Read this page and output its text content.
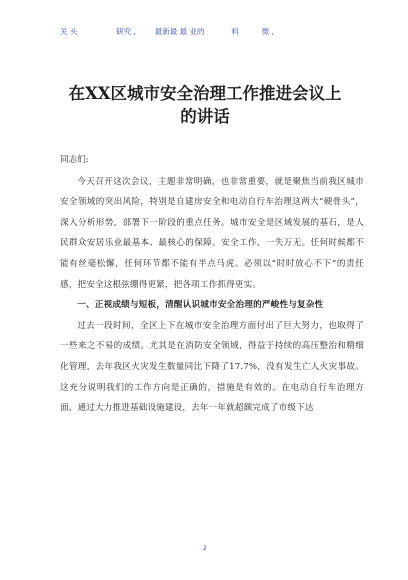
关 头	研究 ,	最新最 最 业的	料	微 ,
在XX区城市安全治理工作推进会议上
的讲话

同志们:

今天召开这次会议，主题非常明确，也非常重要，就是聚焦当前我区城市安全领域的突出风险，特别是自建房安全和电动自行车治理这两大“硬骨头”，深入分析形势，部署下一阶段的重点任务。城市安全是区域发展的基石，是人民群众安居乐业最基本、最核心的保障。安全工作，一失万无。任何时候都不能有丝毫松懈，任何环节都不能有半点马虎。必须以“时时放心不下”的责任感，把安全这根弦绷得更紧，把各项工作抓得更实。

一、正视成绩与短板，清醒认识城市安全治理的严峻性与复杂性

过去一段时间，全区上下在城市安全治理方面付出了巨大努力，也取得了一些来之不易的成绩。尤其是在消防安全领域，得益于持续的高压整治和精细化管理，去年我区火灾发生数量同比下降了17.7%，没有发生亡人火灾事故。这充分说明我们的工作方向是正确的，措施是有效的。在电动自行车治理方面，通过大力推进基础设施建设，去年一年就超额完成了市级下达

2
